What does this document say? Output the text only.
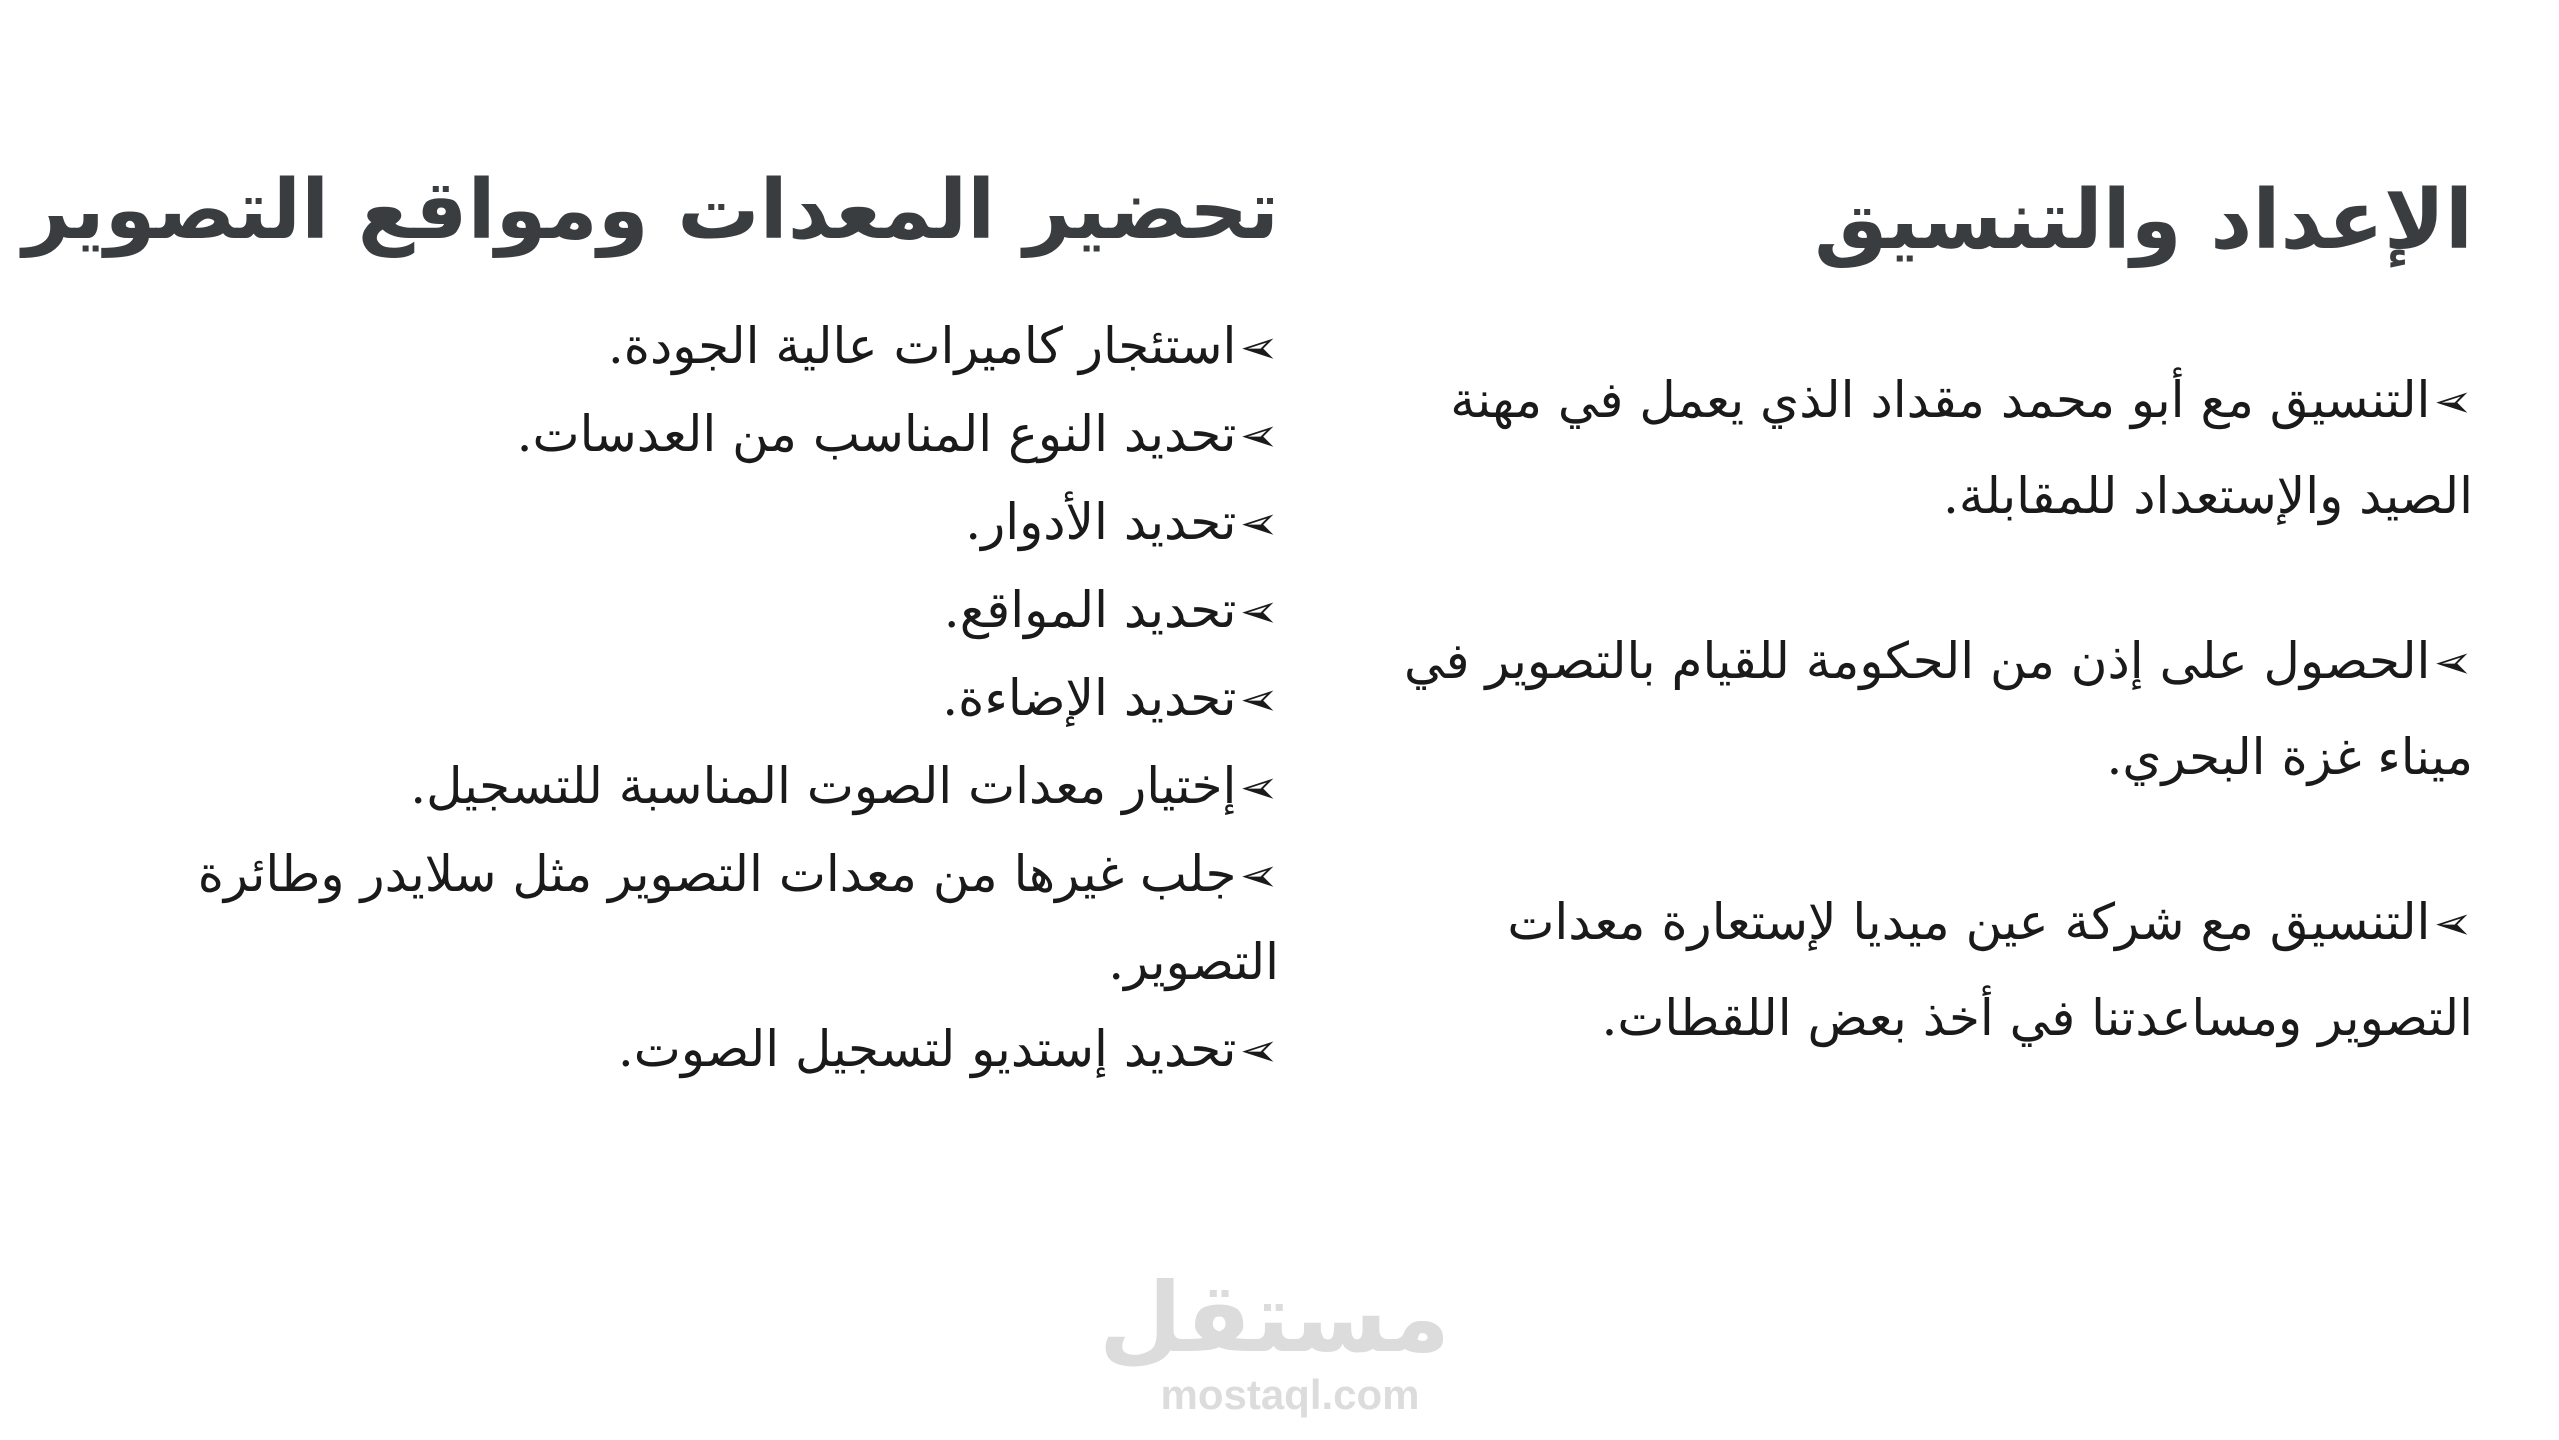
الإعداد والتنسيق
➢التنسيق مع أبو محمد مقداد الذي يعمل في مهنة الصيد والإستعداد للمقابلة.
➢الحصول على إذن من الحكومة للقيام بالتصوير في ميناء غزة البحري.
➢التنسيق مع شركة عين ميديا لإستعارة معدات التصوير ومساعدتنا في أخذ بعض اللقطات.
تحضير المعدات ومواقع التصوير
➢استئجار كاميرات عالية الجودة.
➢تحديد النوع المناسب من العدسات.
➢تحديد الأدوار.
➢تحديد المواقع.
➢تحديد الإضاءة.
➢إختيار معدات الصوت المناسبة للتسجيل.
➢جلب غيرها من معدات التصوير مثل سلايدر وطائرة التصوير.
➢تحديد إستديو لتسجيل الصوت.
مستقل
mostaql.com
